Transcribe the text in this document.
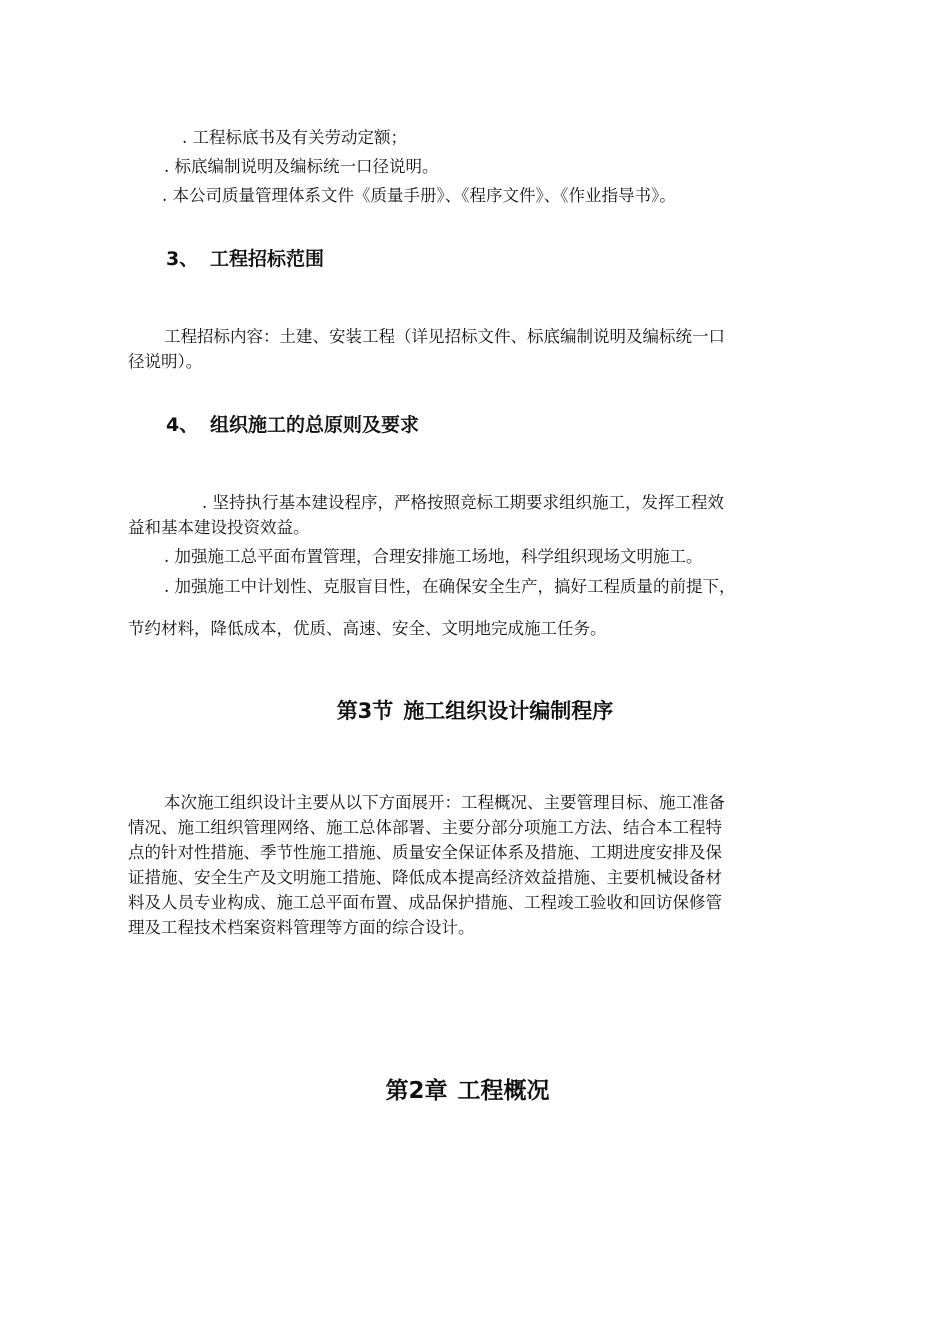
. 工程标底书及有关劳动定额；
. 标底编制说明及编标统一口径说明。
. 本公司质量管理体系文件《质量手册》、《程序文件》、《作业指导书》。
3、 工程招标范围
工程招标内容：土建、安装工程（详见招标文件、标底编制说明及编标统一口
径说明）。
4、 组织施工的总原则及要求
. 坚持执行基本建设程序，严格按照竞标工期要求组织施工，发挥工程效
益和基本建设投资效益。
. 加强施工总平面布置管理，合理安排施工场地，科学组织现场文明施工。
. 加强施工中计划性、克服盲目性，在确保安全生产，搞好工程质量的前提下，
节约材料，降低成本，优质、高速、安全、文明地完成施工任务。
第3节 施工组织设计编制程序
本次施工组织设计主要从以下方面展开：工程概况、主要管理目标、施工准备
情况、施工组织管理网络、施工总体部署、主要分部分项施工方法、结合本工程特
点的针对性措施、季节性施工措施、质量安全保证体系及措施、工期进度安排及保
证措施、安全生产及文明施工措施、降低成本提高经济效益措施、主要机械设备材
料及人员专业构成、施工总平面布置、成品保护措施、工程竣工验收和回访保修管
理及工程技术档案资料管理等方面的综合设计。
第2章 工程概况
